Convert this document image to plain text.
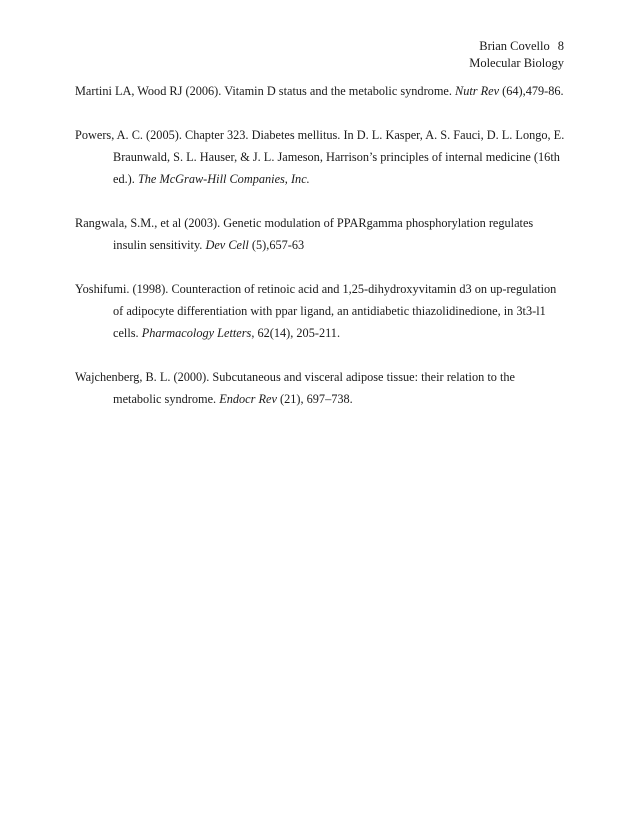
Brian Covello 8
Molecular Biology

Martini LA, Wood RJ (2006). Vitamin D status and the metabolic syndrome. Nutr Rev (64),479-86.

Powers, A. C. (2005). Chapter 323. Diabetes mellitus. In D. L. Kasper, A. S. Fauci, D. L. Longo, E. Braunwald, S. L. Hauser, & J. L. Jameson, Harrison’s principles of internal medicine (16th ed.). The McGraw-Hill Companies, Inc.

Rangwala, S.M., et al (2003). Genetic modulation of PPARgamma phosphorylation regulates insulin sensitivity. Dev Cell (5),657-63

Yoshifumi. (1998). Counteraction of retinoic acid and 1,25-dihydroxyvitamin d3 on up-regulation of adipocyte differentiation with ppar ligand, an antidiabetic thiazolidinedione, in 3t3-l1 cells. Pharmacology Letters, 62(14), 205-211.

Wajchenberg, B. L. (2000). Subcutaneous and visceral adipose tissue: their relation to the metabolic syndrome. Endocr Rev (21), 697–738.
